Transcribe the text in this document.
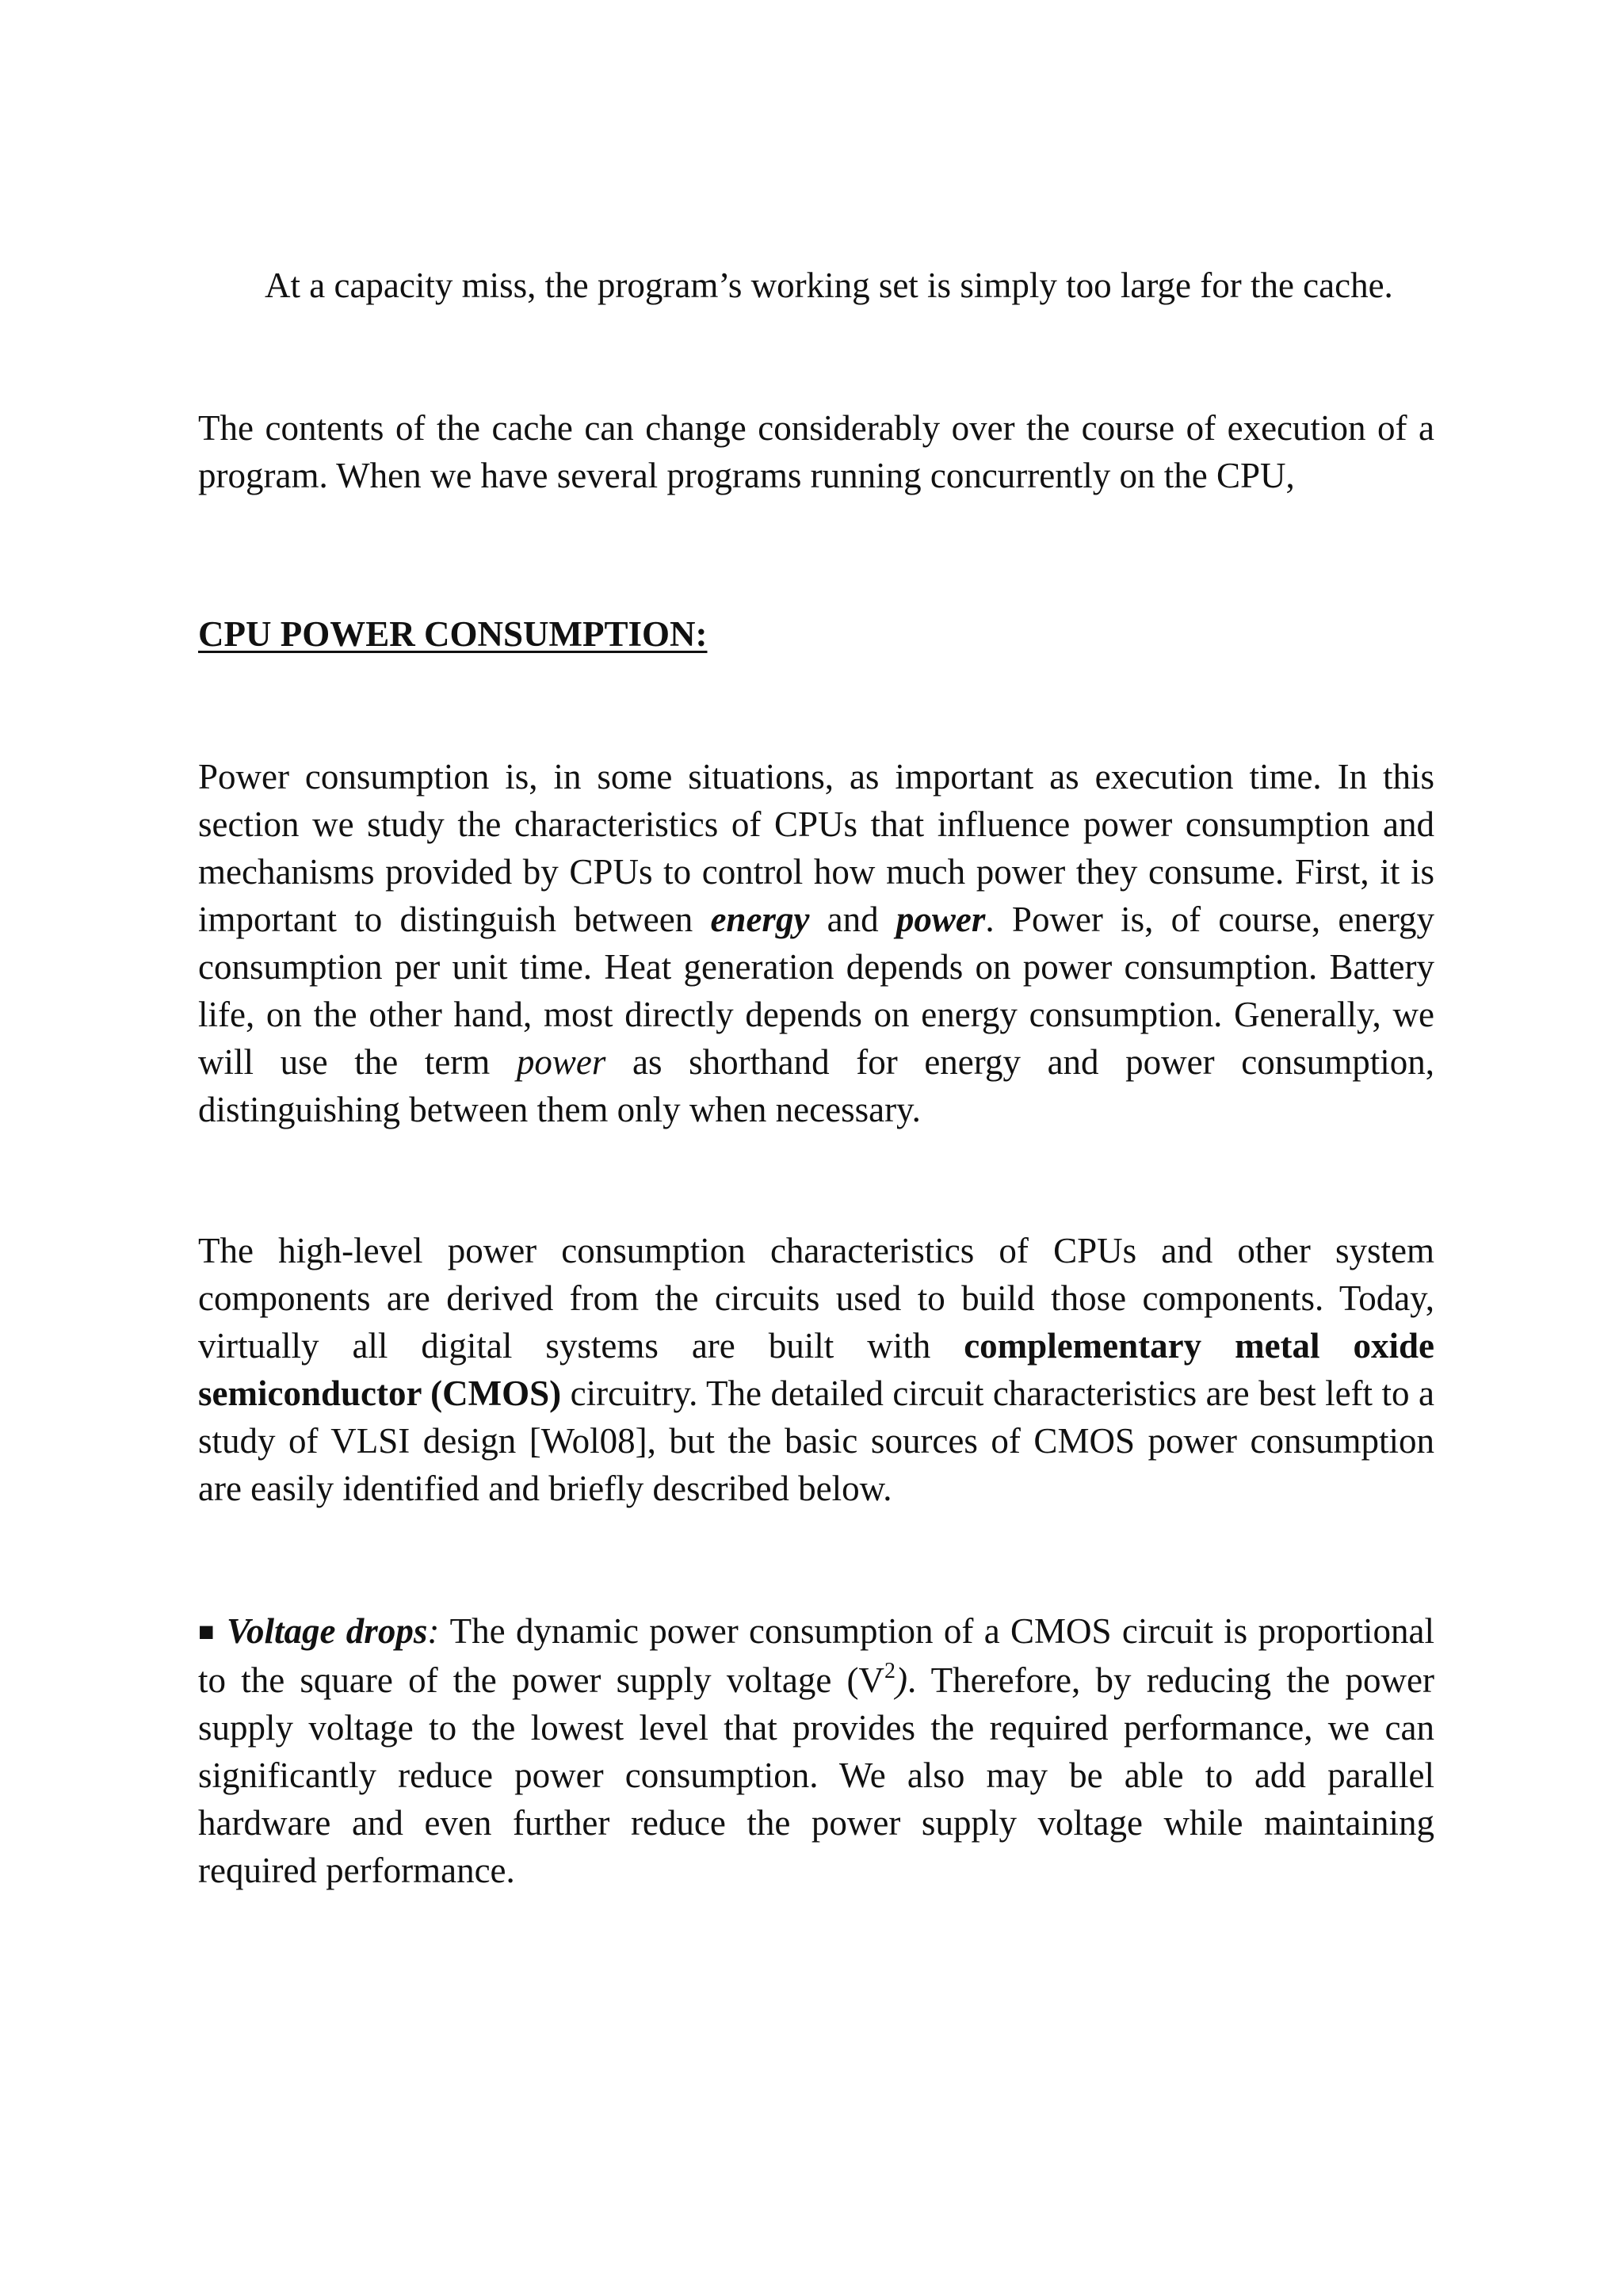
At a capacity miss, the program’s working set is simply too large for the cache.

The contents of the cache can change considerably over the course of execution of a program. When we have several programs running concurrently on the CPU,

CPU POWER CONSUMPTION:

Power consumption is, in some situations, as important as execution time. In this section we study the characteristics of CPUs that influence power consumption and mechanisms provided by CPUs to control how much power they consume. First, it is important to distinguish between energy and power. Power is, of course, energy consumption per unit time. Heat generation depends on power consumption. Battery life, on the other hand, most directly depends on energy consumption. Generally, we will use the term power as shorthand for energy and power consumption, distinguishing between them only when necessary.

The high-level power consumption characteristics of CPUs and other system components are derived from the circuits used to build those components. Today, virtually all digital systems are built with complementary metal oxide semiconductor (CMOS) circuitry. The detailed circuit characteristics are best left to a study of VLSI design [Wol08], but the basic sources of CMOS power consumption are easily identified and briefly described below.

■ Voltage drops: The dynamic power consumption of a CMOS circuit is proportional to the square of the power supply voltage $(V^2)$. Therefore, by reducing the power supply voltage to the lowest level that provides the required performance, we can significantly reduce power consumption. We also may be able to add parallel hardware and even further reduce the power supply voltage while maintaining required performance.
